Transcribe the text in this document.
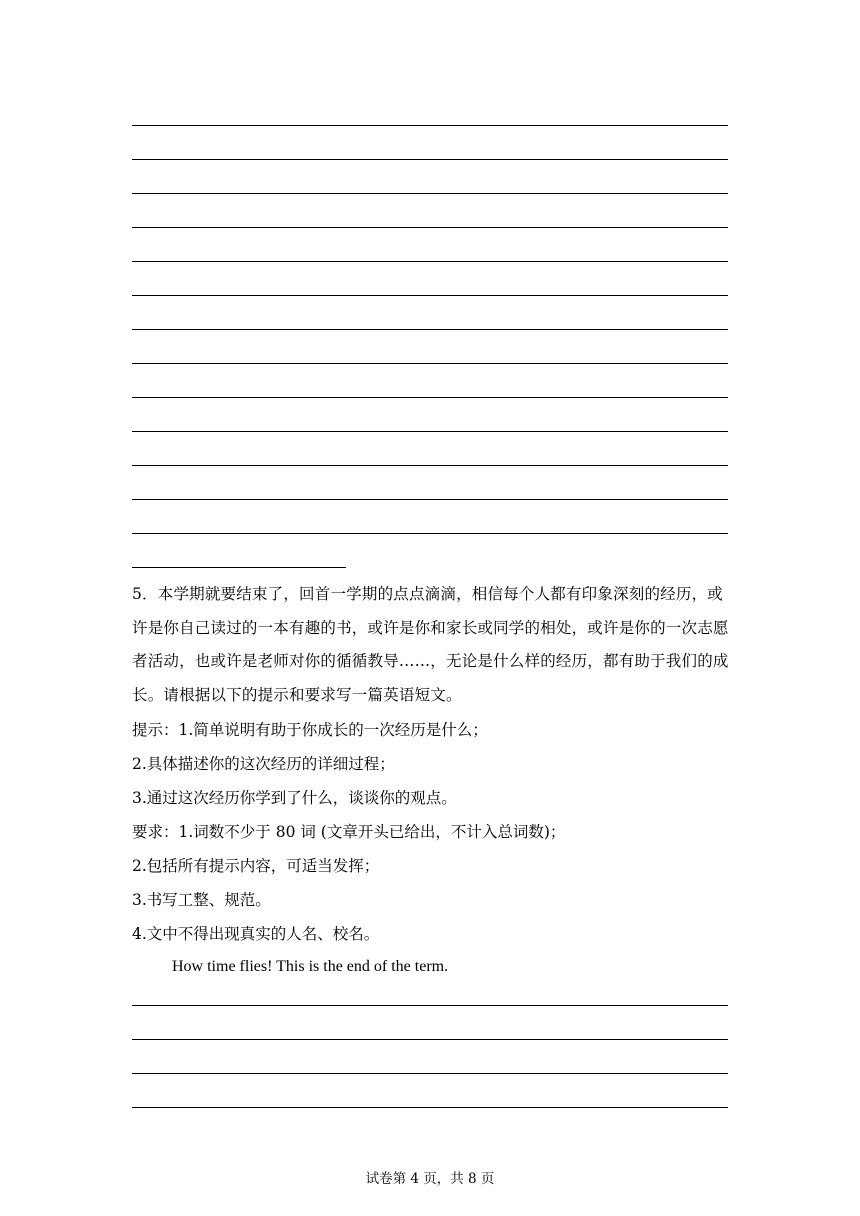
5．本学期就要结束了，回首一学期的点点滴滴，相信每个人都有印象深刻的经历，或许是你自己读过的一本有趣的书，或许是你和家长或同学的相处，或许是你的一次志愿者活动，也或许是老师对你的循循教导……，无论是什么样的经历，都有助于我们的成长。请根据以下的提示和要求写一篇英语短文。

提示：1.简单说明有助于你成长的一次经历是什么；
2.具体描述你的这次经历的详细过程；
3.通过这次经历你学到了什么，谈谈你的观点。
要求：1.词数不少于 80 词 (文章开头已给出，不计入总词数)；
2.包括所有提示内容，可适当发挥；
3.书写工整、规范。
4.文中不得出现真实的人名、校名。
How time flies! This is the end of the term.
试卷第 4 页，共 8 页
